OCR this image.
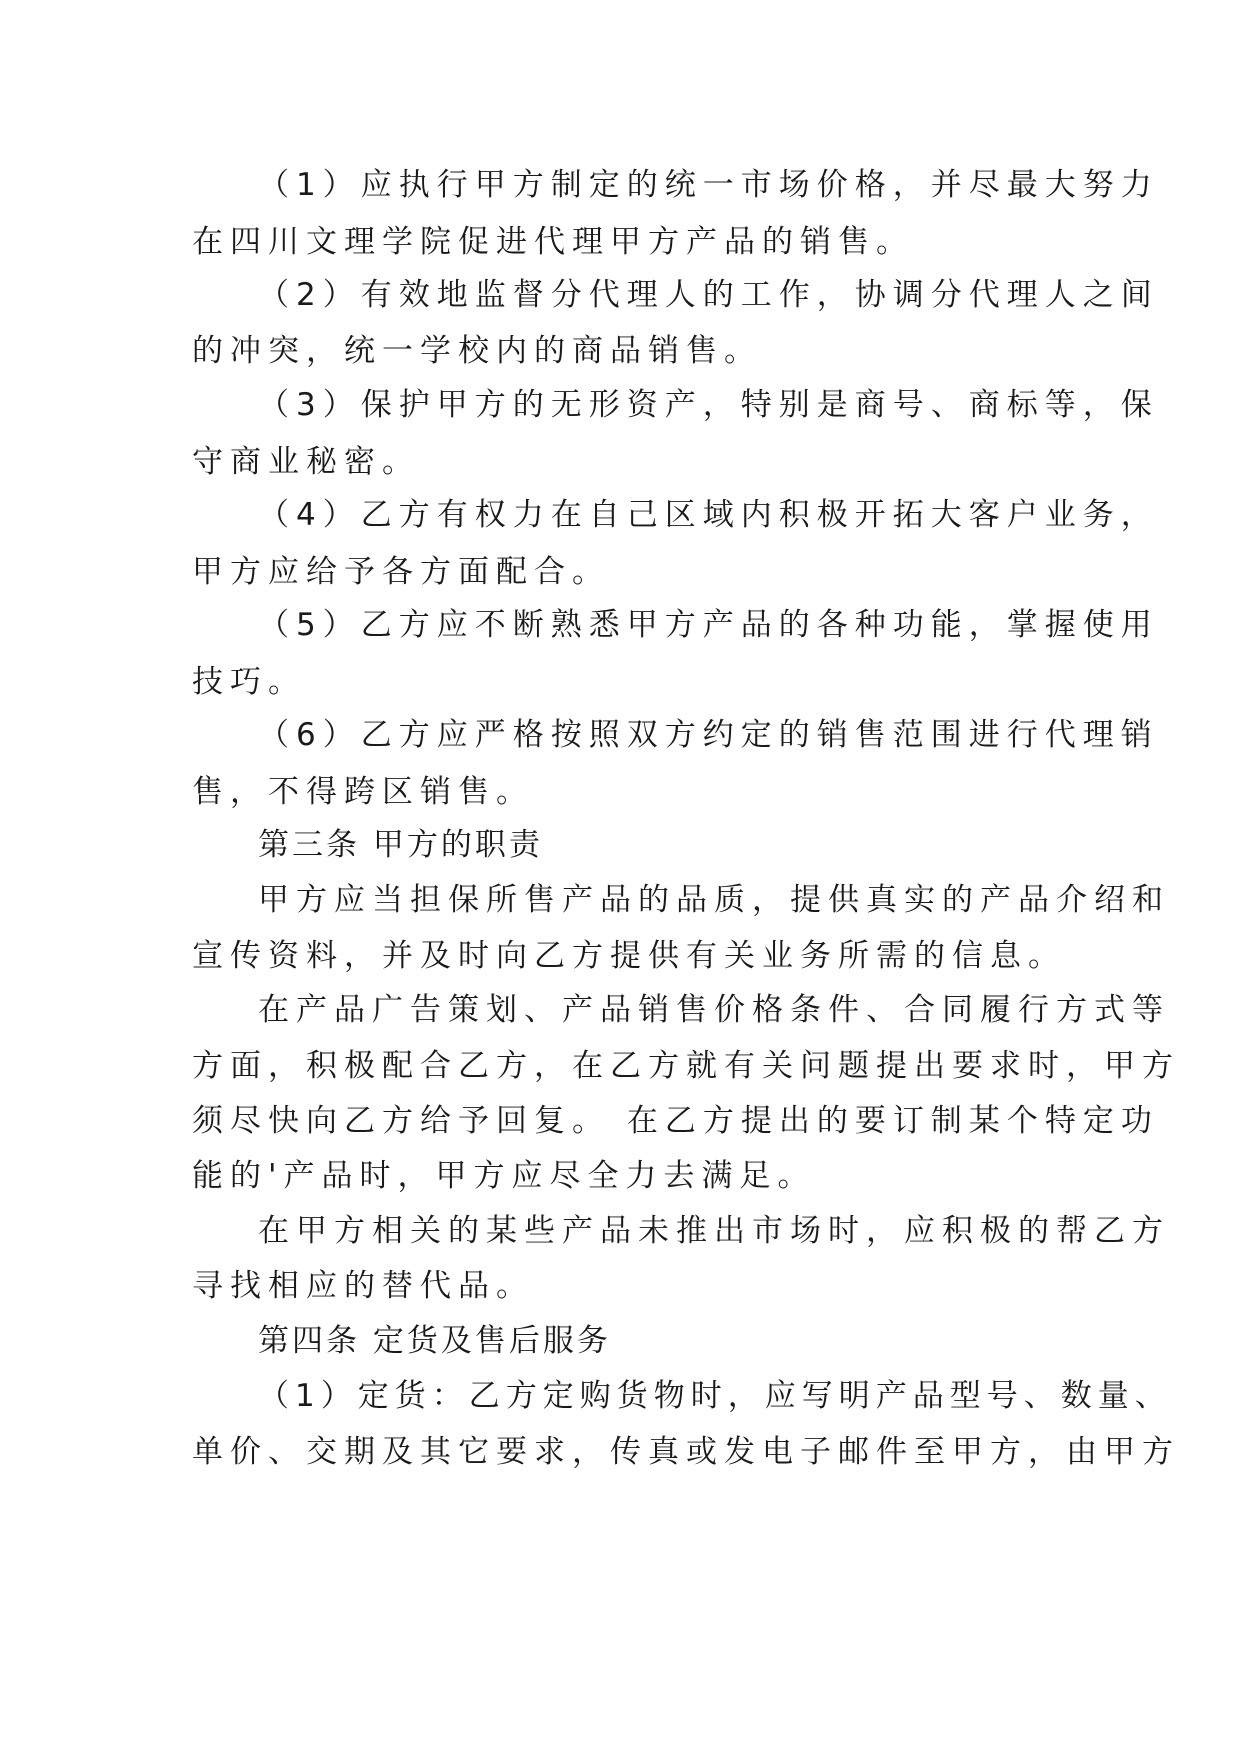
（1）应执行甲方制定的统一市场价格，并尽最大努力
在四川文理学院促进代理甲方产品的销售。
（2）有效地监督分代理人的工作，协调分代理人之间
的冲突，统一学校内的商品销售。
（3）保护甲方的无形资产，特别是商号、商标等，保
守商业秘密。
（4）乙方有权力在自己区域内积极开拓大客户业务，
甲方应给予各方面配合。
（5）乙方应不断熟悉甲方产品的各种功能，掌握使用
技巧。
（6）乙方应严格按照双方约定的销售范围进行代理销
售，不得跨区销售。
第三条 甲方的职责
甲方应当担保所售产品的品质，提供真实的产品介绍和
宣传资料，并及时向乙方提供有关业务所需的信息。
在产品广告策划、产品销售价格条件、合同履行方式等
方面，积极配合乙方，在乙方就有关问题提出要求时，甲方
须尽快向乙方给予回复。 在乙方提出的要订制某个特定功
能的'产品时，甲方应尽全力去满足。
在甲方相关的某些产品未推出市场时，应积极的帮乙方
寻找相应的替代品。
第四条 定货及售后服务
（1）定货：乙方定购货物时，应写明产品型号、数量、
单价、交期及其它要求，传真或发电子邮件至甲方，由甲方
